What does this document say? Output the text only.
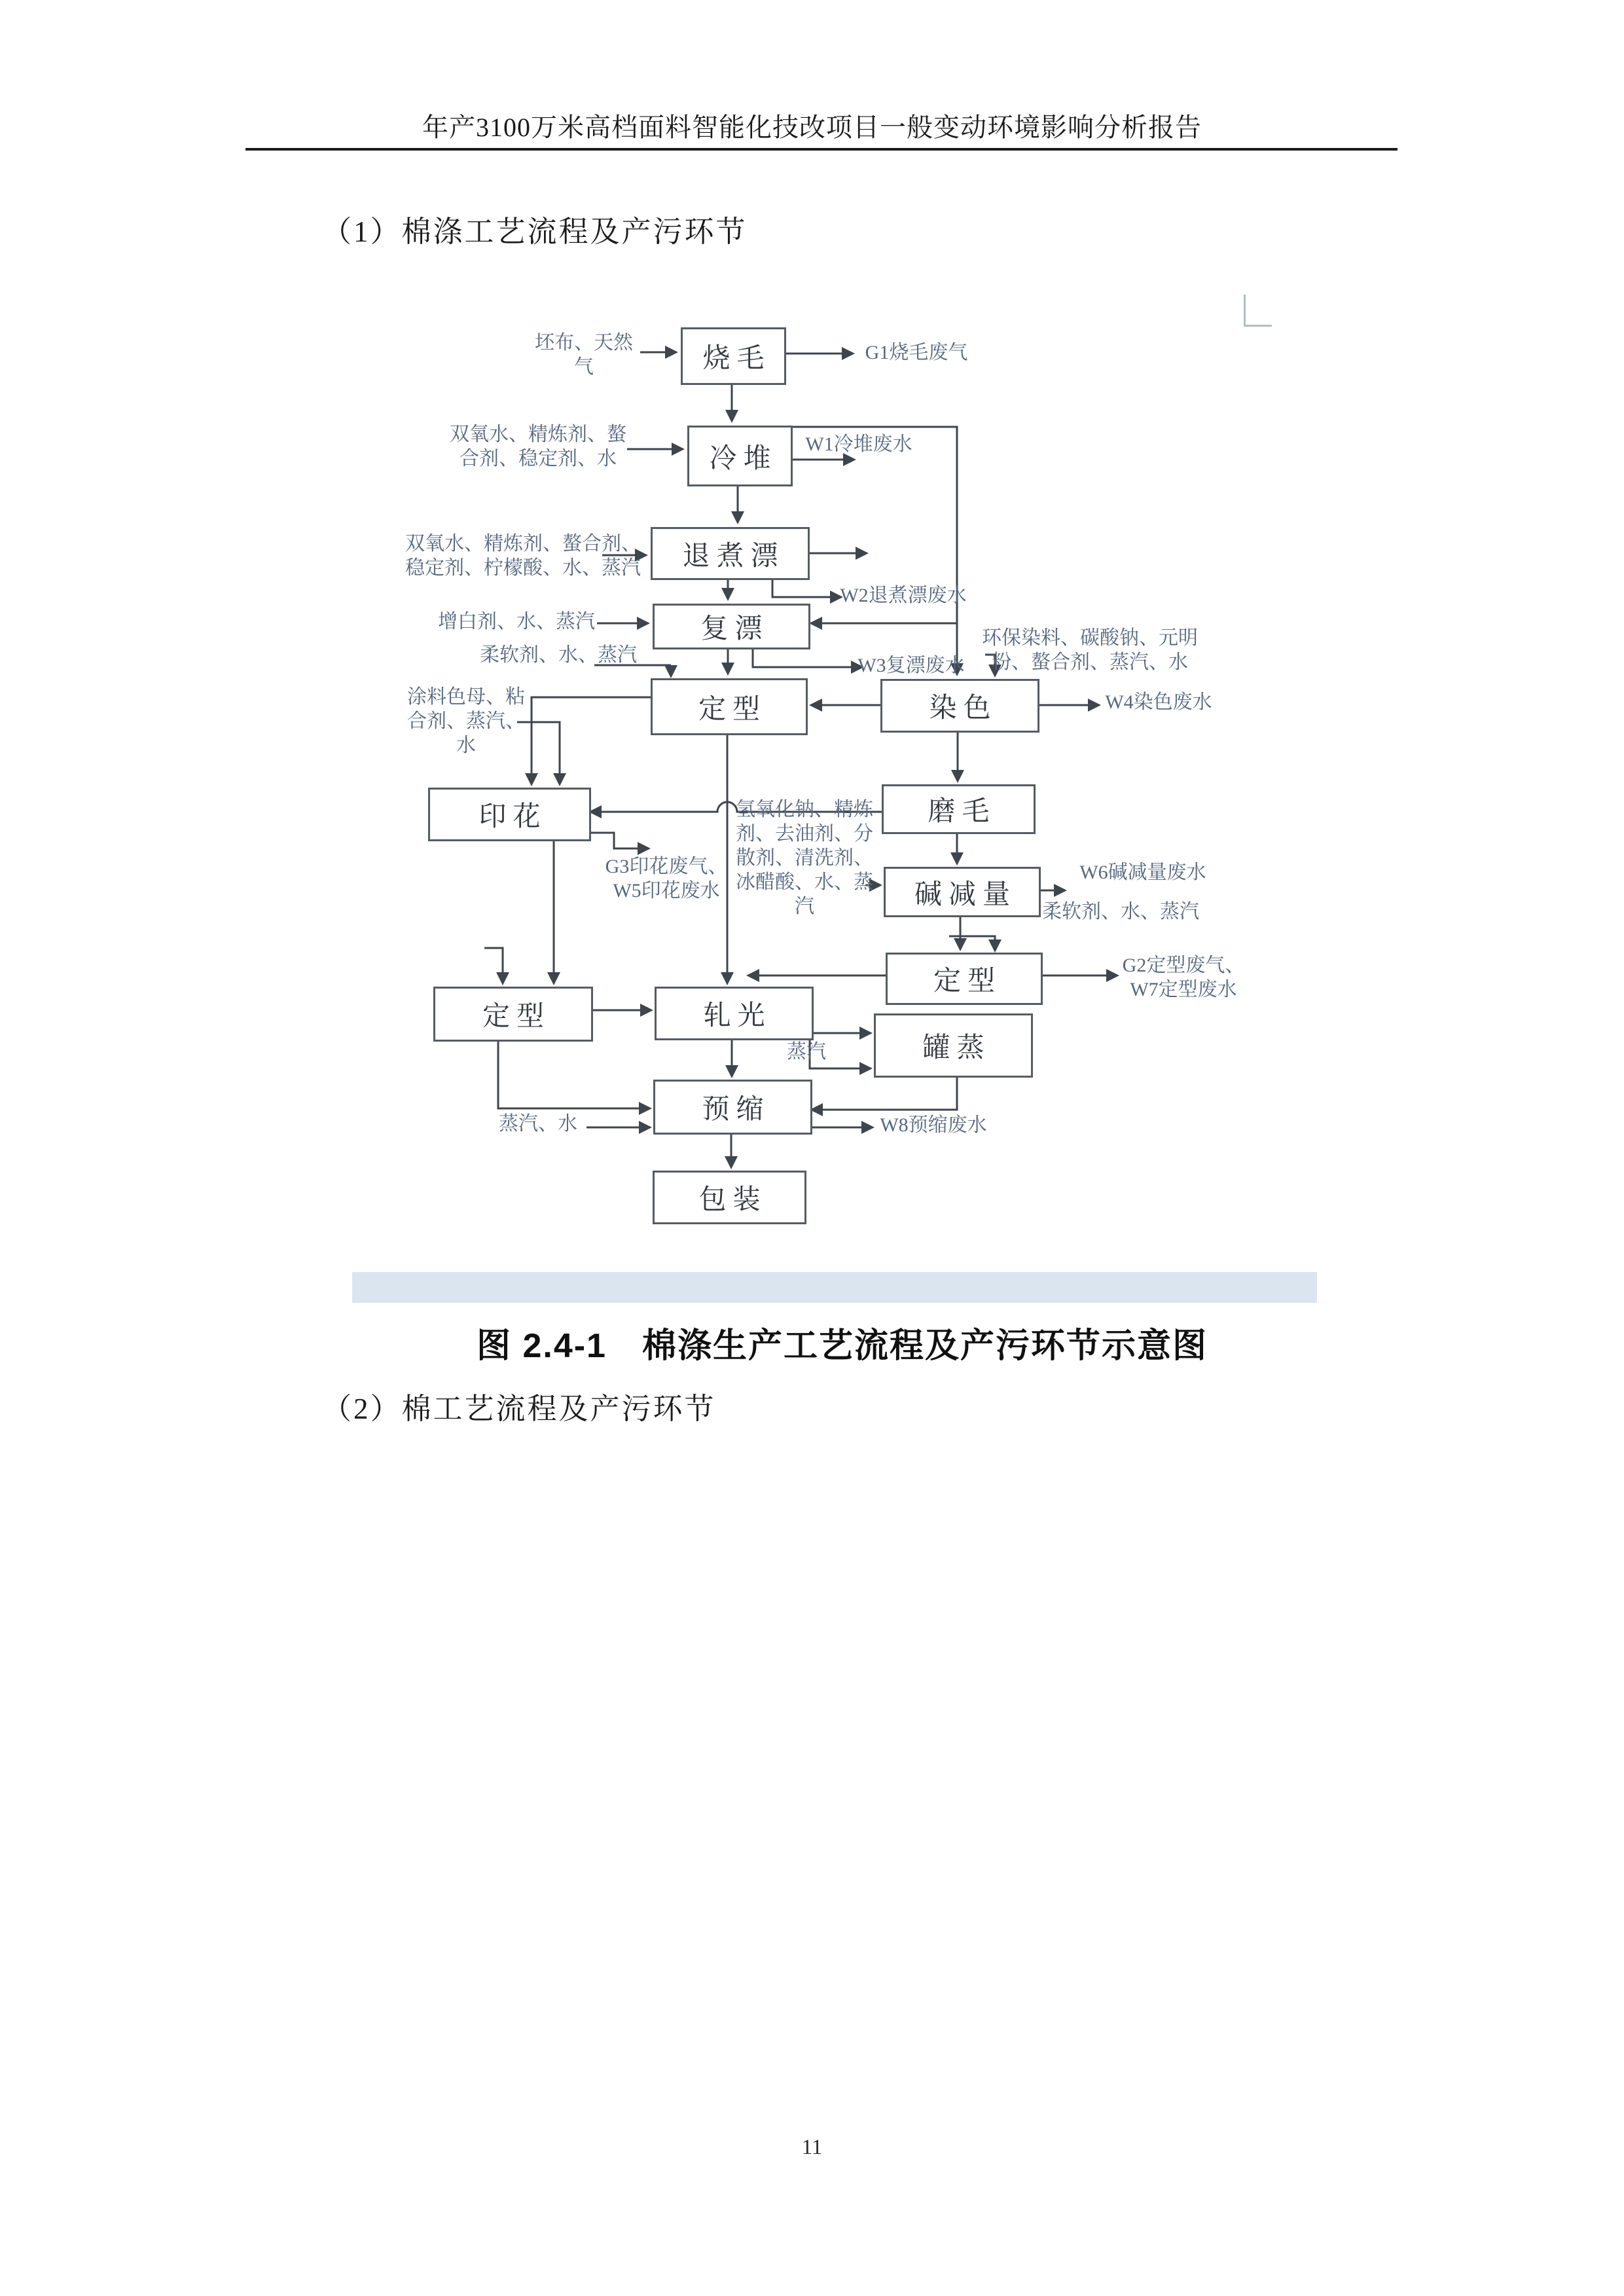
年产3100万米高档面料智能化技改项目一般变动环境影响分析报告
（1）棉涤工艺流程及产污环节
烧毛
冷堆
退煮漂
复漂
定型	染色
印花	磨毛
碱减量
定型
定型	轧光
罐蒸
预缩
包装
坯布、天然
气
G1烧毛废气
双氧水、精炼剂、螯
合剂、稳定剂、水
W1冷堆废水
双氧水、精炼剂、螯合剂、
稳定剂、柠檬酸、水、蒸汽
W2退煮漂废水
增白剂、水、蒸汽
W3复漂废水
柔软剂、水、蒸汽
环保染料、碳酸钠、元明
粉、螯合剂、蒸汽、水
W4染色废水
涂料色母、粘
合剂、蒸汽、
水
G3印花废气、
W5印花废水
氢氧化钠、精炼
剂、去油剂、分
散剂、清洗剂、
冰醋酸、水、蒸
汽
W6碱减量废水
柔软剂、水、蒸汽
G2定型废气、
W7定型废水
蒸汽
蒸汽、水	W8预缩废水
图 2.4-1　棉涤生产工艺流程及产污环节示意图
（2）棉工艺流程及产污环节
11
